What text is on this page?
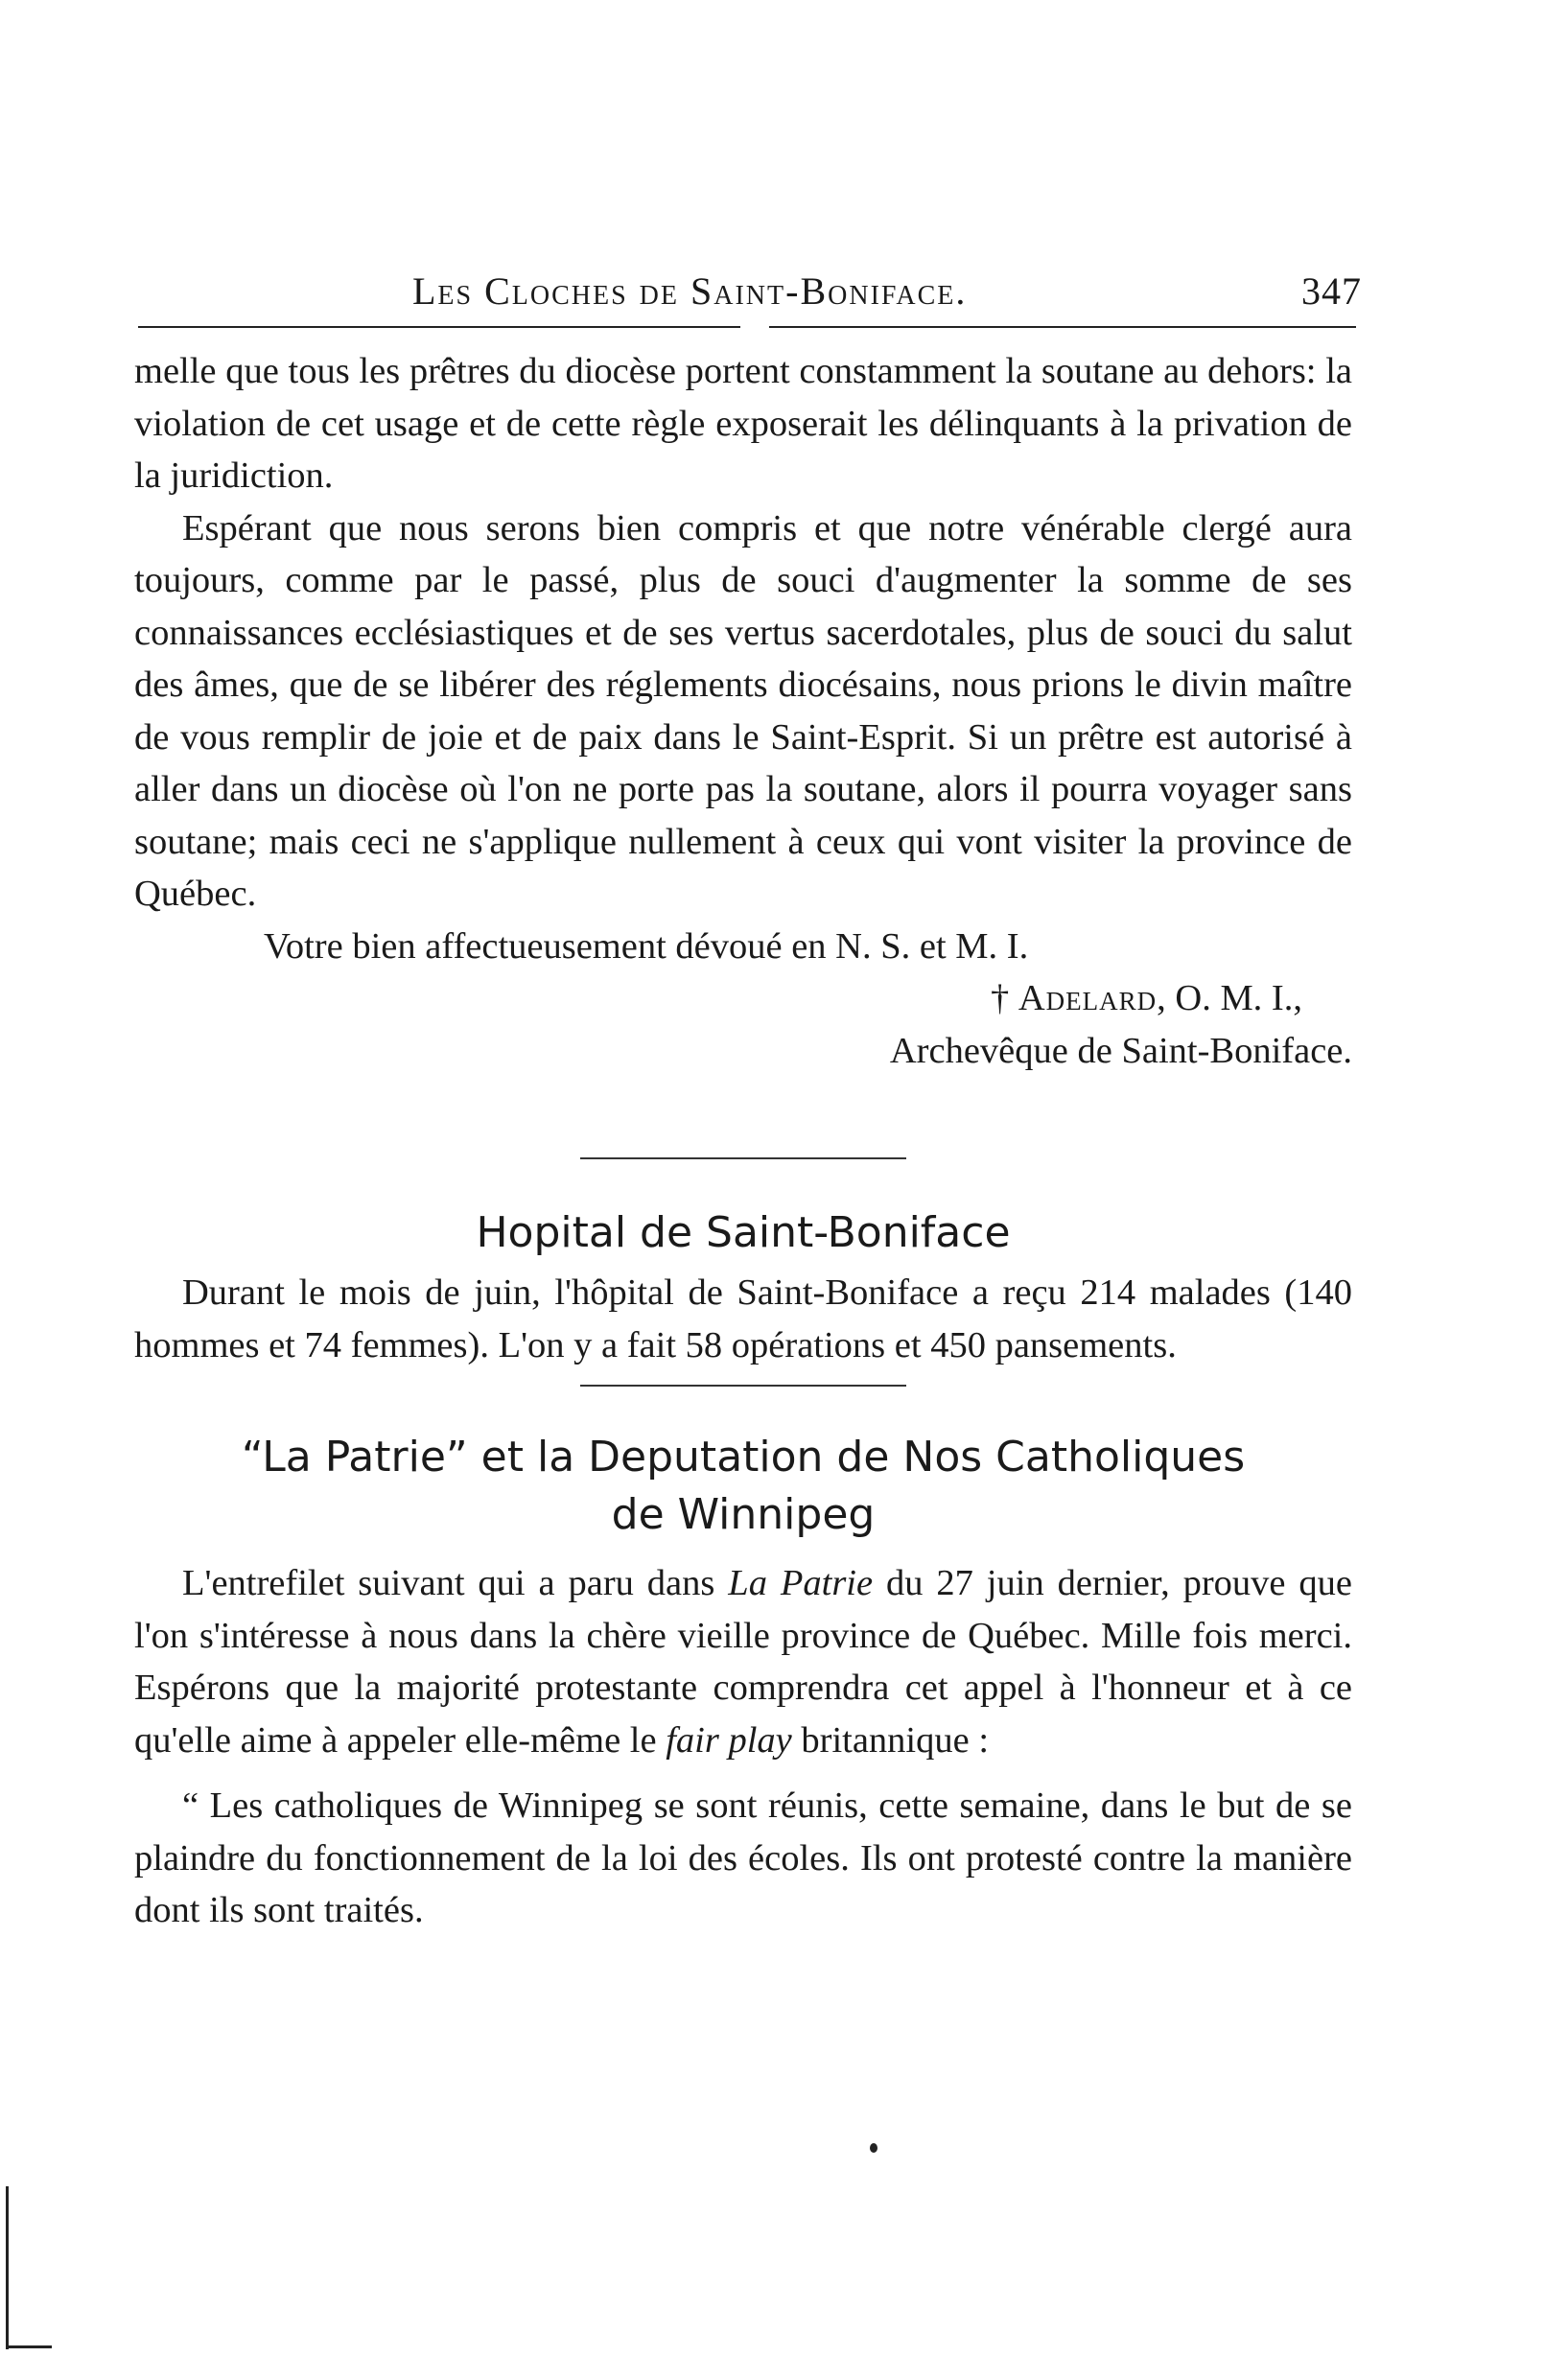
Les Cloches de Saint-Boniface.	347

melle que tous les prêtres du diocèse portent constamment la soutane au dehors: la violation de cet usage et de cette règle exposerait les délinquants à la privation de la juridiction.

Espérant que nous serons bien compris et que notre vénérable clergé aura toujours, comme par le passé, plus de souci d'augmenter la somme de ses connaissances ecclésiastiques et de ses vertus sacerdotales, plus de souci du salut des âmes, que de se libérer des réglements diocésains, nous prions le divin maître de vous remplir de joie et de paix dans le Saint-Esprit. Si un prêtre est autorisé à aller dans un diocèse où l'on ne porte pas la soutane, alors il pourra voyager sans soutane; mais ceci ne s'applique nullement à ceux qui vont visiter la province de Québec.

Votre bien affectueusement dévoué en N. S. et M. I.

† Adelard, O. M. I.,

Archevêque de Saint-Boniface.

Hopital de Saint-Boniface

Durant le mois de juin, l'hôpital de Saint-Boniface a reçu 214 malades (140 hommes et 74 femmes). L'on y a fait 58 opérations et 450 pansements.

“La Patrie” et la Deputation de Nos Catholiques
de Winnipeg

L'entrefilet suivant qui a paru dans La Patrie du 27 juin dernier, prouve que l'on s'intéresse à nous dans la chère vieille province de Québec. Mille fois merci. Espérons que la majorité protestante comprendra cet appel à l'honneur et à ce qu'elle aime à appeler elle-même le fair play britannique :

“ Les catholiques de Winnipeg se sont réunis, cette semaine, dans le but de se plaindre du fonctionnement de la loi des écoles. Ils ont protesté contre la manière dont ils sont traités.
